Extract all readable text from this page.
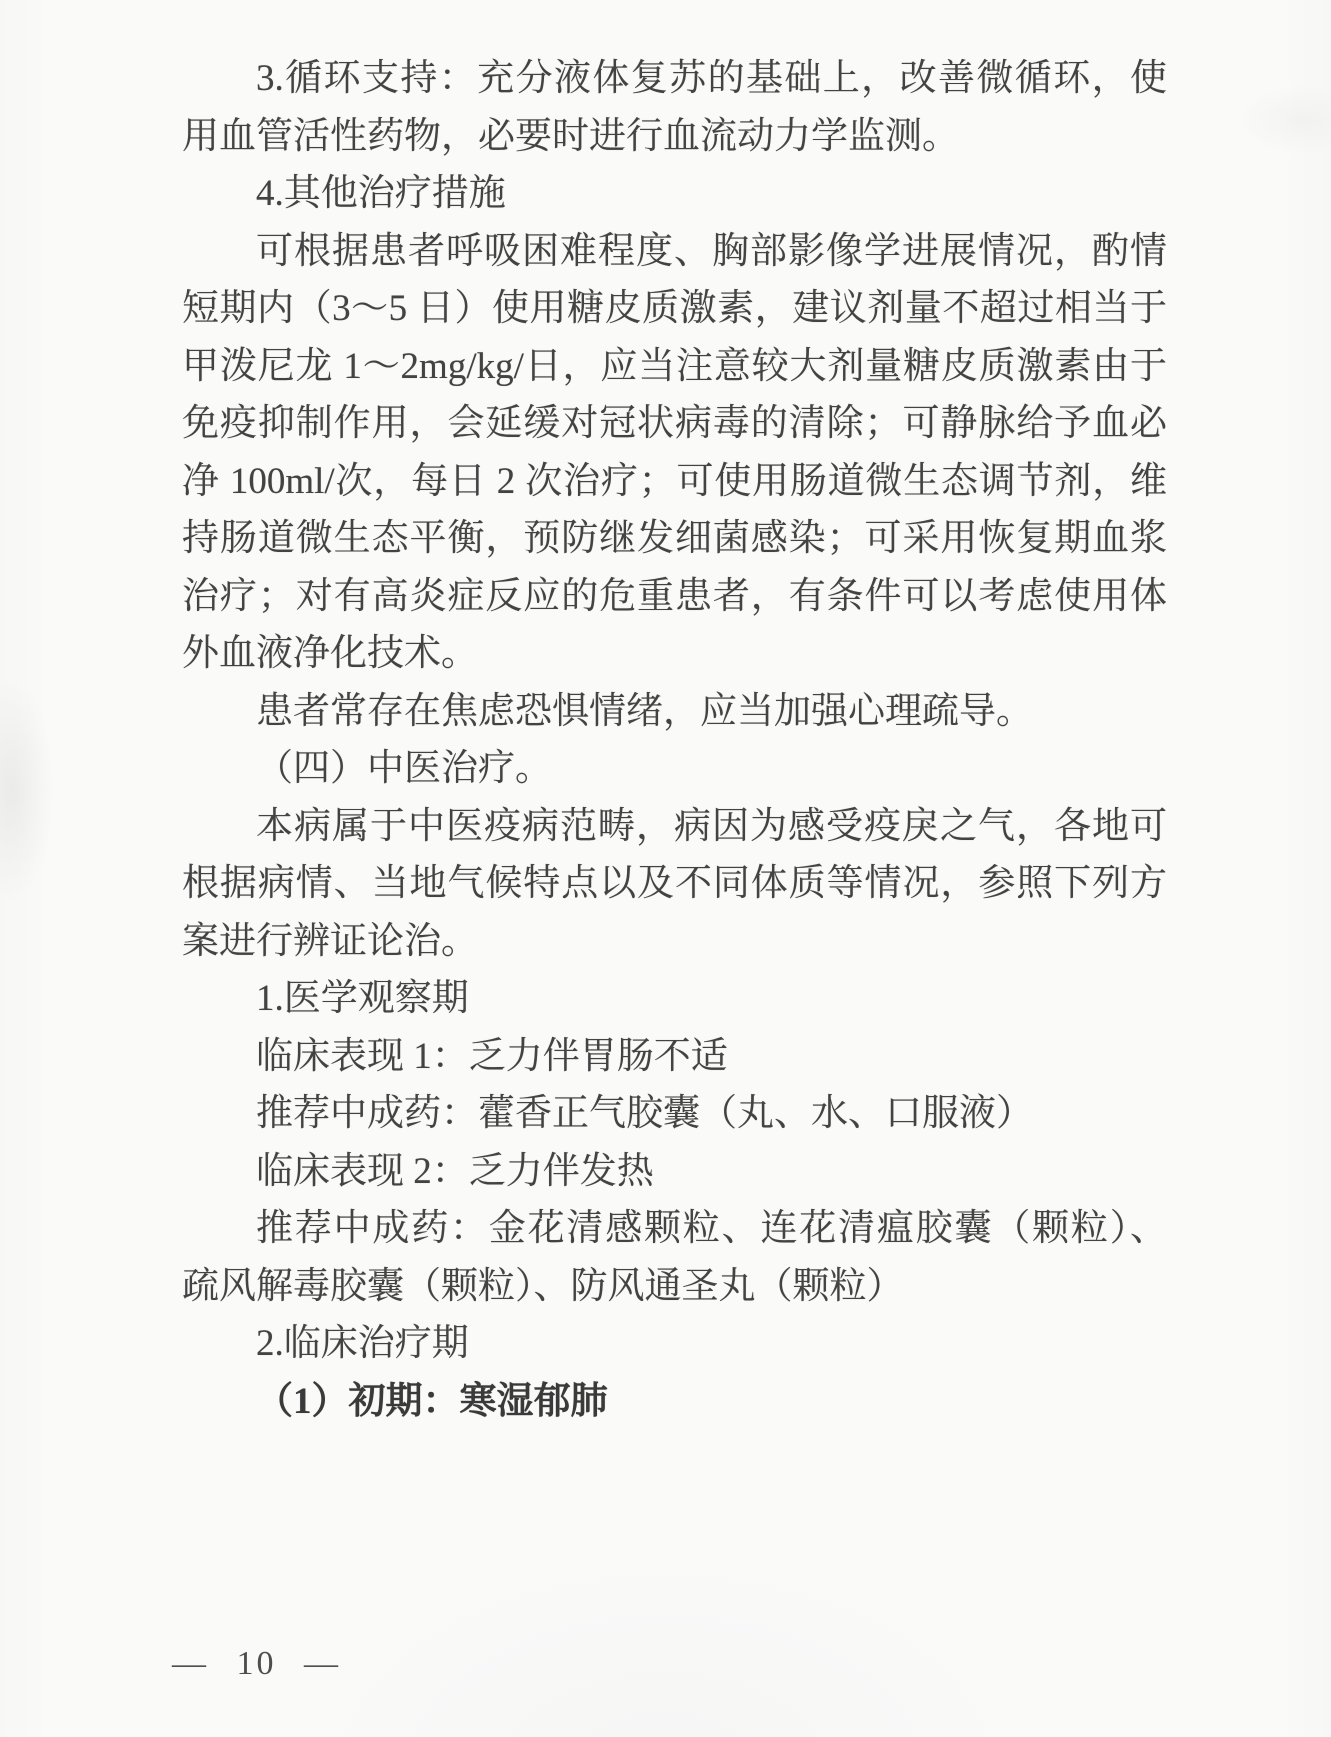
3.循环支持：充分液体复苏的基础上，改善微循环，使
用血管活性药物，必要时进行血流动力学监测。
4.其他治疗措施
可根据患者呼吸困难程度、胸部影像学进展情况，酌情
短期内（3～5 日）使用糖皮质激素，建议剂量不超过相当于
甲泼尼龙 1～2mg/kg/日，应当注意较大剂量糖皮质激素由于
免疫抑制作用，会延缓对冠状病毒的清除；可静脉给予血必
净 100ml/次，每日 2 次治疗；可使用肠道微生态调节剂，维
持肠道微生态平衡，预防继发细菌感染；可采用恢复期血浆
治疗；对有高炎症反应的危重患者，有条件可以考虑使用体
外血液净化技术。
患者常存在焦虑恐惧情绪，应当加强心理疏导。
（四）中医治疗。
本病属于中医疫病范畴，病因为感受疫戾之气，各地可
根据病情、当地气候特点以及不同体质等情况，参照下列方
案进行辨证论治。
1.医学观察期
临床表现 1：乏力伴胃肠不适
推荐中成药：藿香正气胶囊（丸、水、口服液）
临床表现 2：乏力伴发热
推荐中成药：金花清感颗粒、连花清瘟胶囊（颗粒）、
疏风解毒胶囊（颗粒）、防风通圣丸（颗粒）
2.临床治疗期
（1）初期：寒湿郁肺
— 10 —
